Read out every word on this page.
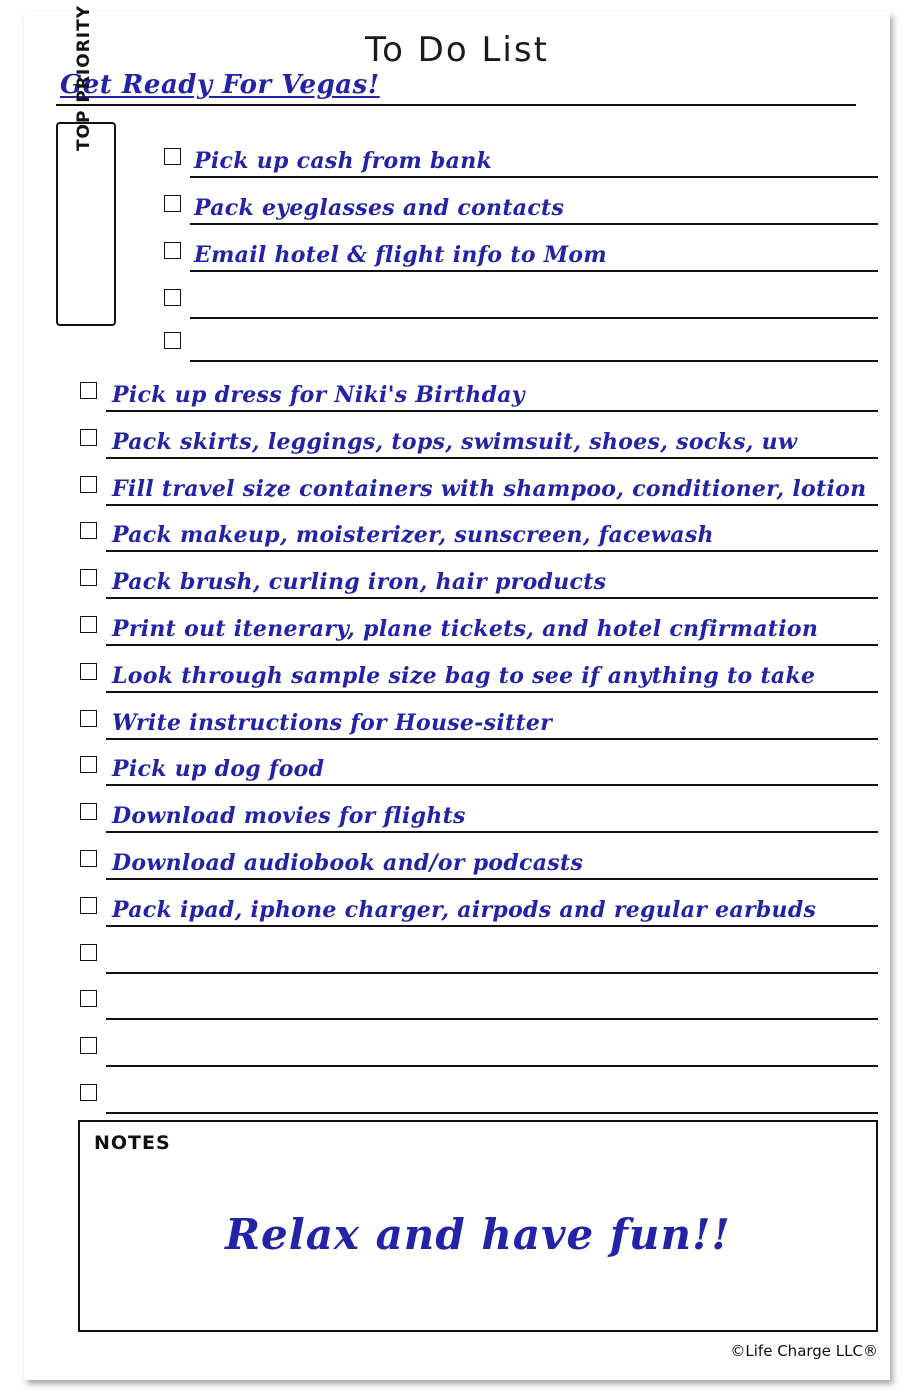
To Do List
Get Ready For Vegas!
TOP PRIORITY
Pick up cash from bank
Pack eyeglasses and contacts
Email hotel & flight info to Mom
Pick up dress for Niki's Birthday
Pack skirts, leggings, tops, swimsuit, shoes, socks, uw
Fill travel size containers with shampoo, conditioner, lotion
Pack makeup, moisterizer, sunscreen, facewash
Pack brush, curling iron, hair products
Print out itenerary, plane tickets, and hotel cnfirmation
Look through sample size bag to see if anything to take
Write instructions for House-sitter
Pick up dog food
Download movies for flights
Download audiobook and/or podcasts
Pack ipad, iphone charger, airpods and regular earbuds
NOTES
Relax and have fun!!
©Life Charge LLC®
